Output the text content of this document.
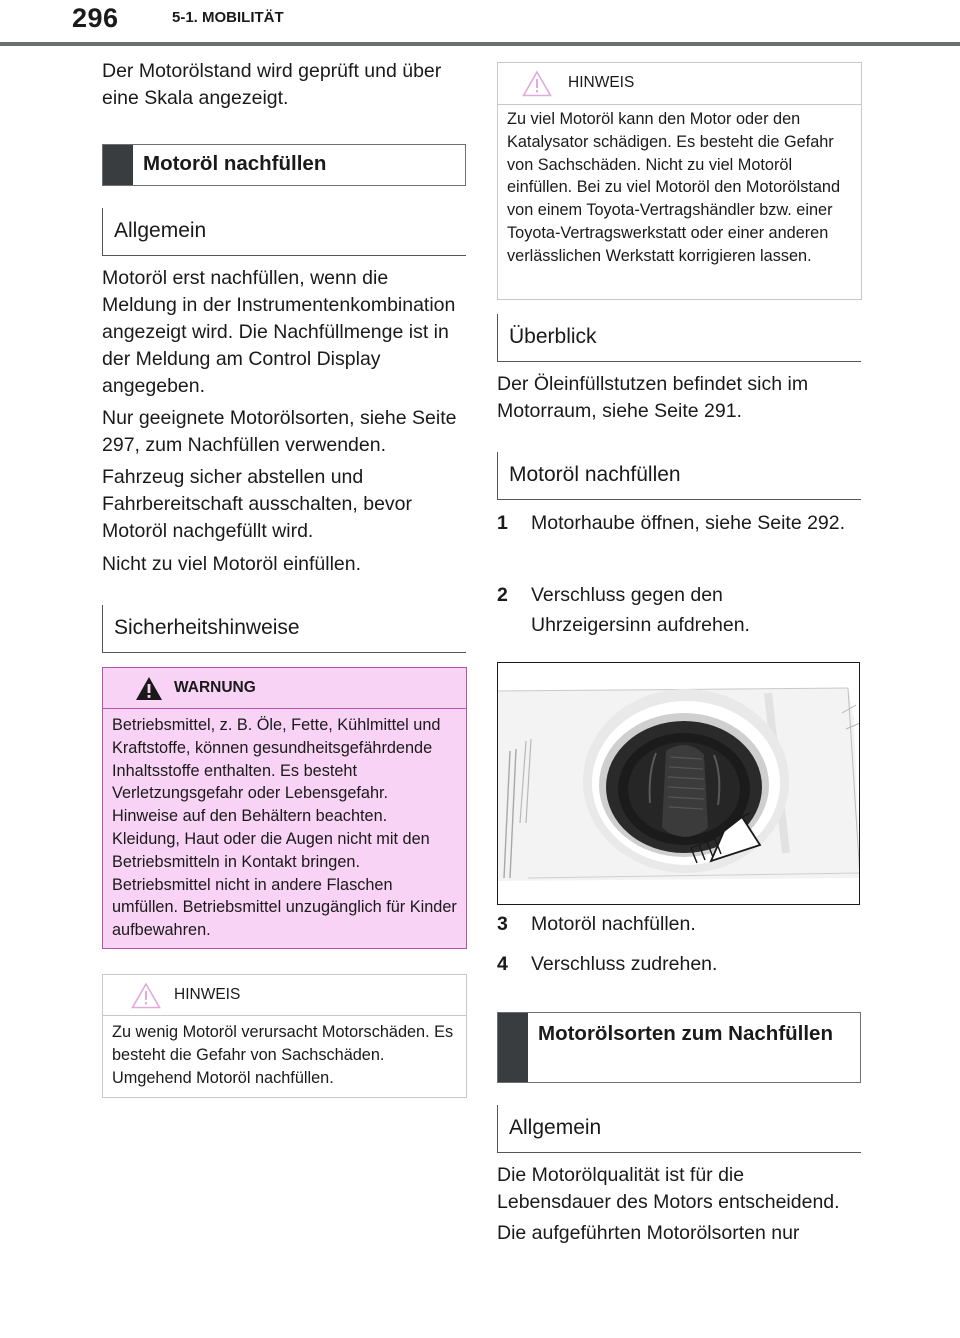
296	5-1. MOBILITÄT

Der Motorölstand wird geprüft und über eine Skala angezeigt.

Motoröl nachfüllen
Allgemein

Motoröl erst nachfüllen, wenn die Meldung in der Instrumentenkombination angezeigt wird. Die Nachfüllmenge ist in der Meldung am Control Display angegeben.

Nur geeignete Motorölsorten, siehe Seite 297, zum Nachfüllen verwenden.

Fahrzeug sicher abstellen und Fahrbereitschaft ausschalten, bevor Motoröl nachgefüllt wird.

Nicht zu viel Motoröl einfüllen.

Sicherheitshinweise
WARNUNG
Betriebsmittel, z. B. Öle, Fette, Kühlmittel und Kraftstoffe, können gesundheitsgefährdende Inhaltsstoffe enthalten. Es besteht Verletzungsgefahr oder Lebensgefahr. Hinweise auf den Behältern beachten. Kleidung, Haut oder die Augen nicht mit den Betriebsmitteln in Kontakt bringen. Betriebsmittel nicht in andere Flaschen umfüllen. Betriebsmittel unzugänglich für Kinder aufbewahren.
HINWEIS
Zu wenig Motoröl verursacht Motorschäden. Es besteht die Gefahr von Sachschäden. Umgehend Motoröl nachfüllen.
HINWEIS
Zu viel Motoröl kann den Motor oder den Katalysator schädigen. Es besteht die Gefahr von Sachschäden. Nicht zu viel Motoröl einfüllen. Bei zu viel Motoröl den Motorölstand von einem Toyota-Vertragshändler bzw. einer Toyota-Vertragswerkstatt oder einer anderen verlässlichen Werkstatt korrigieren lassen.
Überblick

Der Öleinfüllstutzen befindet sich im Motorraum, siehe Seite 291.

Motoröl nachfüllen
1 Motorhaube öffnen, siehe Seite 292.
2 Verschluss gegen den Uhrzeigersinn aufdrehen.
3 Motoröl nachfüllen.
4 Verschluss zudrehen.
Motorölsorten zum Nachfüllen
Allgemein

Die Motorölqualität ist für die Lebensdauer des Motors entscheidend.

Die aufgeführten Motorölsorten nur
